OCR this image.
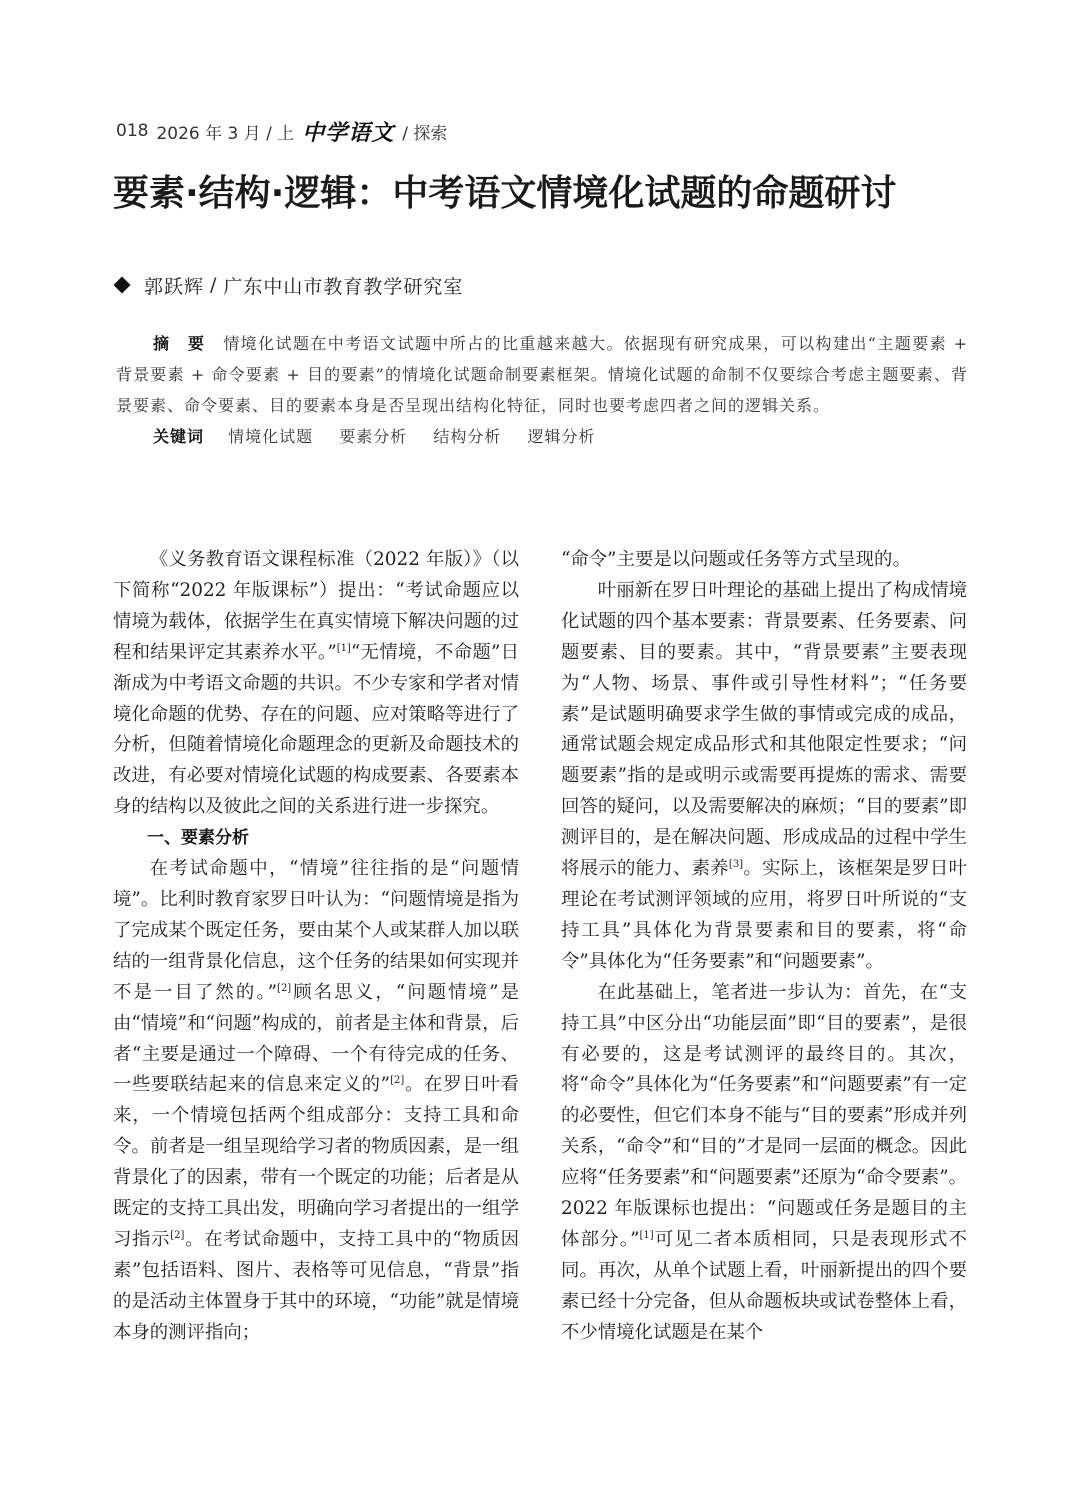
018 2026 年 3 月 / 上 中学语文 / 探索
要素·结构·逻辑：中考语文情境化试题的命题研讨
郭跃辉 / 广东中山市教育教学研究室

摘　要 情境化试题在中考语文试题中所占的比重越来越大。依据现有研究成果，可以构建出“主题要素 + 背景要素 + 命令要素 + 目的要素”的情境化试题命制要素框架。情境化试题的命制不仅要综合考虑主题要素、背景要素、命令要素、目的要素本身是否呈现出结构化特征，同时也要考虑四者之间的逻辑关系。

关键词 情境化试题 要素分析 结构分析 逻辑分析

《义务教育语文课程标准（2022 年版）》（以下简称“2022 年版课标”）提出：“考试命题应以情境为载体，依据学生在真实情境下解决问题的过程和结果评定其素养水平。”[1]“无情境，不命题”日渐成为中考语文命题的共识。不少专家和学者对情境化命题的优势、存在的问题、应对策略等进行了分析，但随着情境化命题理念的更新及命题技术的改进，有必要对情境化试题的构成要素、各要素本身的结构以及彼此之间的关系进行进一步探究。

一、要素分析

在考试命题中，“情境”往往指的是“问题情境”。比利时教育家罗日叶认为：“问题情境是指为了完成某个既定任务，要由某个人或某群人加以联结的一组背景化信息，这个任务的结果如何实现并不是一目了然的。”[2]顾名思义，“问题情境”是由“情境”和“问题”构成的，前者是主体和背景，后者“主要是通过一个障碍、一个有待完成的任务、一些要联结起来的信息来定义的”[2]。在罗日叶看来，一个情境包括两个组成部分：支持工具和命令。前者是一组呈现给学习者的物质因素，是一组背景化了的因素，带有一个既定的功能；后者是从既定的支持工具出发，明确向学习者提出的一组学习指示[2]。在考试命题中，支持工具中的“物质因素”包括语料、图片、表格等可见信息，“背景”指的是活动主体置身于其中的环境，“功能”就是情境本身的测评指向；

“命令”主要是以问题或任务等方式呈现的。

叶丽新在罗日叶理论的基础上提出了构成情境化试题的四个基本要素：背景要素、任务要素、问题要素、目的要素。其中，“背景要素”主要表现为“人物、场景、事件或引导性材料”；“任务要素”是试题明确要求学生做的事情或完成的成品，通常试题会规定成品形式和其他限定性要求；“问题要素”指的是或明示或需要再提炼的需求、需要回答的疑问，以及需要解决的麻烦；“目的要素”即测评目的，是在解决问题、形成成品的过程中学生将展示的能力、素养[3]。实际上，该框架是罗日叶理论在考试测评领域的应用，将罗日叶所说的“支持工具”具体化为背景要素和目的要素，将“命令”具体化为“任务要素”和“问题要素”。

在此基础上，笔者进一步认为：首先，在“支持工具”中区分出“功能层面”即“目的要素”，是很有必要的，这是考试测评的最终目的。其次，将“命令”具体化为“任务要素”和“问题要素”有一定的必要性，但它们本身不能与“目的要素”形成并列关系，“命令”和“目的”才是同一层面的概念。因此应将“任务要素”和“问题要素”还原为“命令要素”。2022 年版课标也提出：“问题或任务是题目的主体部分。”[1]可见二者本质相同，只是表现形式不同。再次，从单个试题上看，叶丽新提出的四个要素已经十分完备，但从命题板块或试卷整体上看，不少情境化试题是在某个
